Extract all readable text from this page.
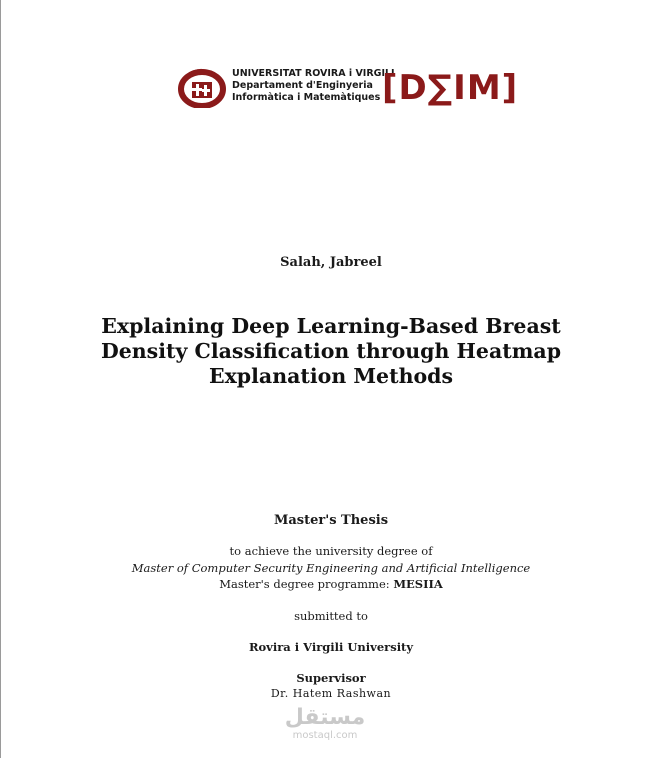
UNIVERSITAT ROVIRA i VIRGILI
Departament d'Enginyeria
Informàtica i Matemàtiques [D∑IM]
Salah, Jabreel
Explaining Deep Learning-Based Breast
Density Classification through Heatmap
Explanation Methods
Master's Thesis
to achieve the university degree of
Master of Computer Security Engineering and Artificial Intelligence
Master's degree programme: MESIIA
submitted to
Rovira i Virgili University
Supervisor
Dr. Hatem Rashwan
مستقل
mostaql.com
